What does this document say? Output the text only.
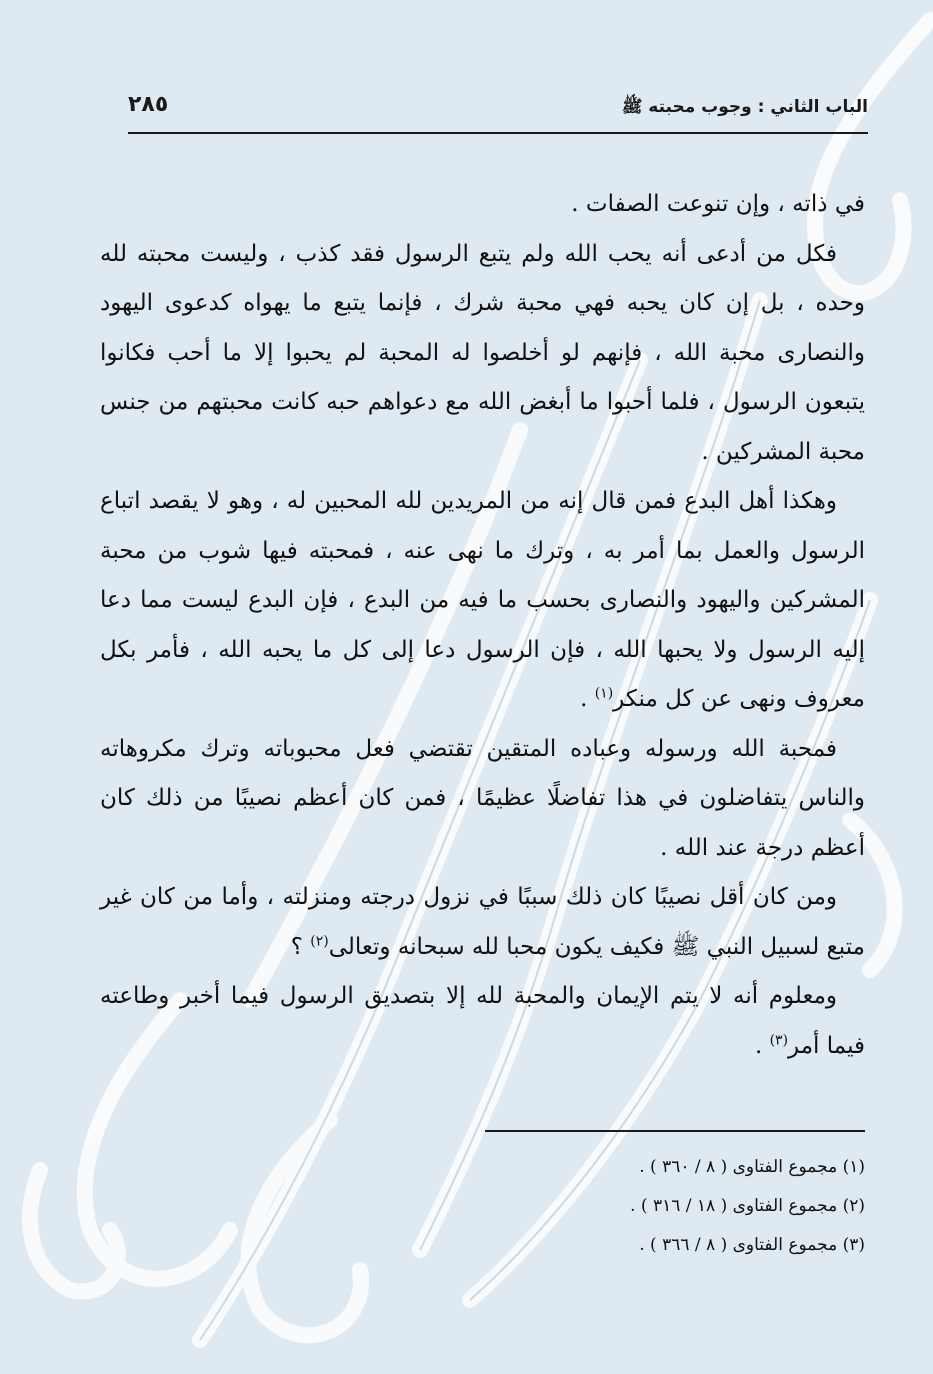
الباب الثاني : وجوب محبته ﷺ
٢٨٥

في ذاته ، وإن تنوعت الصفات .

فكل من أدعى أنه يحب الله ولم يتبع الرسول فقد كذب ، وليست محبته لله وحده ، بل إن كان يحبه فهي محبة شرك ، فإنما يتبع ما يهواه كدعوى اليهود والنصارى محبة الله ، فإنهم لو أخلصوا له المحبة لم يحبوا إلا ما أحب فكانوا يتبعون الرسول ، فلما أحبوا ما أبغض الله مع دعواهم حبه كانت محبتهم من جنس محبة المشركين .

وهكذا أهل البدع فمن قال إنه من المريدين لله المحبين له ، وهو لا يقصد اتباع الرسول والعمل بما أمر به ، وترك ما نهى عنه ، فمحبته فيها شوب من محبة المشركين واليهود والنصارى بحسب ما فيه من البدع ، فإن البدع ليست مما دعا إليه الرسول ولا يحبها الله ، فإن الرسول دعا إلى كل ما يحبه الله ، فأمر بكل معروف ونهى عن كل منكر$^{(١)}$ .

فمحبة الله ورسوله وعباده المتقين تقتضي فعل محبوباته وترك مكروهاته والناس يتفاضلون في هذا تفاضلًا عظيمًا ، فمن كان أعظم نصيبًا من ذلك كان أعظم درجة عند الله .

ومن كان أقل نصيبًا كان ذلك سببًا في نزول درجته ومنزلته ، وأما من كان غير متبع لسبيل النبي ﷺ فكيف يكون محبا لله سبحانه وتعالى$^{(٢)}$ ؟

ومعلوم أنه لا يتم الإيمان والمحبة لله إلا بتصديق الرسول فيما أخبر وطاعته فيما أمر$^{(٣)}$ .

(١) مجموع الفتاوى ( ٨ / ٣٦٠ ) .

(٢) مجموع الفتاوى ( ١٨ / ٣١٦ ) .

(٣) مجموع الفتاوى ( ٨ / ٣٦٦ ) .
